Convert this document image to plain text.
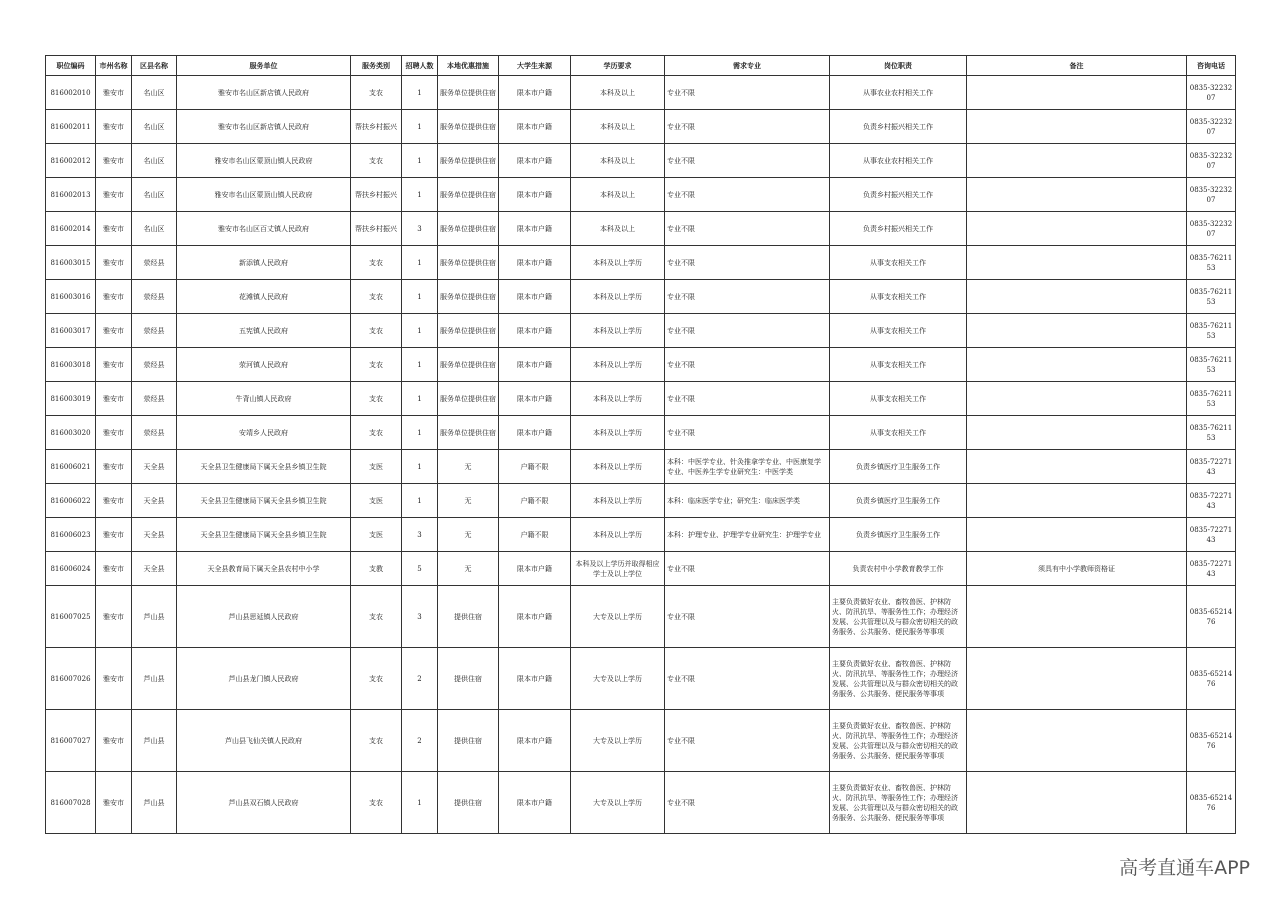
职位编码	市州名称	区县名称	服务单位	服务类别	招聘人数	本地优惠措施	大学生来源	学历要求	需求专业	岗位职责	备注	咨询电话
816002010	雅安市	名山区	雅安市名山区新店镇人民政府	支农	1	服务单位提供住宿	限本市户籍	本科及以上	专业不限	从事农业农村相关工作		0835-3223207
816002011	雅安市	名山区	雅安市名山区新店镇人民政府	帮扶乡村振兴	1	服务单位提供住宿	限本市户籍	本科及以上	专业不限	负责乡村振兴相关工作		0835-3223207
816002012	雅安市	名山区	雅安市名山区蒙顶山镇人民政府	支农	1	服务单位提供住宿	限本市户籍	本科及以上	专业不限	从事农业农村相关工作		0835-3223207
816002013	雅安市	名山区	雅安市名山区蒙顶山镇人民政府	帮扶乡村振兴	1	服务单位提供住宿	限本市户籍	本科及以上	专业不限	负责乡村振兴相关工作		0835-3223207
816002014	雅安市	名山区	雅安市名山区百丈镇人民政府	帮扶乡村振兴	3	服务单位提供住宿	限本市户籍	本科及以上	专业不限	负责乡村振兴相关工作		0835-3223207
816003015	雅安市	荥经县	新添镇人民政府	支农	1	服务单位提供住宿	限本市户籍	本科及以上学历	专业不限	从事支农相关工作		0835-7621153
816003016	雅安市	荥经县	花滩镇人民政府	支农	1	服务单位提供住宿	限本市户籍	本科及以上学历	专业不限	从事支农相关工作		0835-7621153
816003017	雅安市	荥经县	五宪镇人民政府	支农	1	服务单位提供住宿	限本市户籍	本科及以上学历	专业不限	从事支农相关工作		0835-7621153
816003018	雅安市	荥经县	荥河镇人民政府	支农	1	服务单位提供住宿	限本市户籍	本科及以上学历	专业不限	从事支农相关工作		0835-7621153
816003019	雅安市	荥经县	牛背山镇人民政府	支农	1	服务单位提供住宿	限本市户籍	本科及以上学历	专业不限	从事支农相关工作		0835-7621153
816003020	雅安市	荥经县	安靖乡人民政府	支农	1	服务单位提供住宿	限本市户籍	本科及以上学历	专业不限	从事支农相关工作		0835-7621153
816006021	雅安市	天全县	天全县卫生健康局下属天全县乡镇卫生院	支医	1	无	户籍不限	本科及以上学历	本科：中医学专业、针灸推拿学专业、中医康复学专业、中医养生学专业研究生：中医学类	负责乡镇医疗卫生服务工作		0835-7227143
816006022	雅安市	天全县	天全县卫生健康局下属天全县乡镇卫生院	支医	1	无	户籍不限	本科及以上学历	本科：临床医学专业；研究生：临床医学类	负责乡镇医疗卫生服务工作		0835-7227143
816006023	雅安市	天全县	天全县卫生健康局下属天全县乡镇卫生院	支医	3	无	户籍不限	本科及以上学历	本科：护理专业、护理学专业研究生：护理学专业	负责乡镇医疗卫生服务工作		0835-7227143
816006024	雅安市	天全县	天全县教育局下属天全县农村中小学	支教	5	无	限本市户籍	本科及以上学历并取得相应学士及以上学位	专业不限	负责农村中小学教育教学工作	须具有中小学教师资格证	0835-7227143
816007025	雅安市	芦山县	芦山县思延镇人民政府	支农	3	提供住宿	限本市户籍	大专及以上学历	专业不限	主要负责做好农业、畜牧兽医、护林防火、防汛抗旱、等服务性工作；办理经济发展、公共管理以及与群众密切相关的政务服务、公共服务、便民服务等事项		0835-6521476
816007026	雅安市	芦山县	芦山县龙门镇人民政府	支农	2	提供住宿	限本市户籍	大专及以上学历	专业不限	主要负责做好农业、畜牧兽医、护林防火、防汛抗旱、等服务性工作；办理经济发展、公共管理以及与群众密切相关的政务服务、公共服务、便民服务等事项		0835-6521476
816007027	雅安市	芦山县	芦山县飞仙关镇人民政府	支农	2	提供住宿	限本市户籍	大专及以上学历	专业不限	主要负责做好农业、畜牧兽医、护林防火、防汛抗旱、等服务性工作；办理经济发展、公共管理以及与群众密切相关的政务服务、公共服务、便民服务等事项		0835-6521476
816007028	雅安市	芦山县	芦山县双石镇人民政府	支农	1	提供住宿	限本市户籍	大专及以上学历	专业不限	主要负责做好农业、畜牧兽医、护林防火、防汛抗旱、等服务性工作；办理经济发展、公共管理以及与群众密切相关的政务服务、公共服务、便民服务等事项		0835-6521476
高考直通车APP
